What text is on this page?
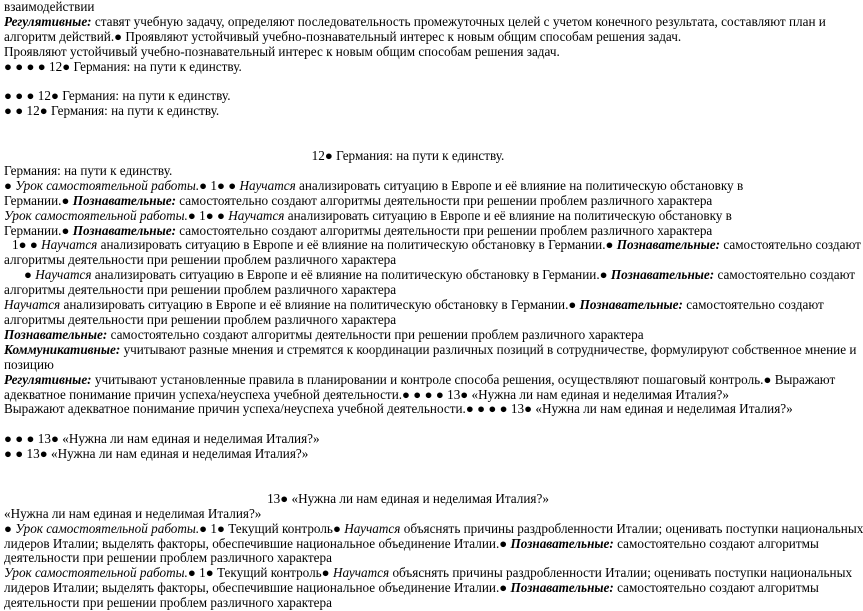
взаимодействии

Регулятивные: ставят учебную задачу, определяют последовательность промежуточных целей с учетом конечного результата, составляют план и

алгоритм действий.● Проявляют устойчивый учебно-познавательный интерес к новым общим способам решения задач.

Проявляют устойчивый учебно-познавательный интерес к новым общим способам решения задач.

● ● ● ● 12● Германия: на пути к единству.

● ● ● 12● Германия: на пути к единству.

● ● 12● Германия: на пути к единству.

12● Германия: на пути к единству.

Германия: на пути к единству.

● Урок самостоятельной работы.● 1● ● Научатся анализировать ситуацию в Европе и её влияние на политическую обстановку в

Германии.● Познавательные: самостоятельно создают алгоритмы деятельности при решении проблем различного характера

Урок самостоятельной работы.● 1● ● Научатся анализировать ситуацию в Европе и её влияние на политическую обстановку в

Германии.● Познавательные: самостоятельно создают алгоритмы деятельности при решении проблем различного характера

1● ● Научатся анализировать ситуацию в Европе и её влияние на политическую обстановку в Германии.● Познавательные: самостоятельно создают

алгоритмы деятельности при решении проблем различного характера

● Научатся анализировать ситуацию в Европе и её влияние на политическую обстановку в Германии.● Познавательные: самостоятельно создают

алгоритмы деятельности при решении проблем различного характера

Научатся анализировать ситуацию в Европе и её влияние на политическую обстановку в Германии.● Познавательные: самостоятельно создают

алгоритмы деятельности при решении проблем различного характера

Познавательные: самостоятельно создают алгоритмы деятельности при решении проблем различного характера

Коммуникативные: учитывают разные мнения и стремятся к координации различных позиций в сотрудничестве, формулируют собственное мнение и

позицию

Регулятивные: учитывают установленные правила в планировании и контроле способа решения, осуществляют пошаговый контроль.● Выражают

адекватное понимание причин успеха/неуспеха учебной деятельности.● ● ● ● 13● «Нужна ли нам единая и неделимая Италия?»

Выражают адекватное понимание причин успеха/неуспеха учебной деятельности.● ● ● ● 13● «Нужна ли нам единая и неделимая Италия?»

● ● ● 13● «Нужна ли нам единая и неделимая Италия?»

● ● 13● «Нужна ли нам единая и неделимая Италия?»

13● «Нужна ли нам единая и неделимая Италия?»

«Нужна ли нам единая и неделимая Италия?»

● Урок самостоятельной работы.● 1● Текущий контроль● Научатся объяснять причины раздробленности Италии; оценивать поступки национальных

лидеров Италии; выделять факторы, обеспечившие национальное объединение Италии.● Познавательные: самостоятельно создают алгоритмы

деятельности при решении проблем различного характера

Урок самостоятельной работы.● 1● Текущий контроль● Научатся объяснять причины раздробленности Италии; оценивать поступки национальных

лидеров Италии; выделять факторы, обеспечившие национальное объединение Италии.● Познавательные: самостоятельно создают алгоритмы

деятельности при решении проблем различного характера
